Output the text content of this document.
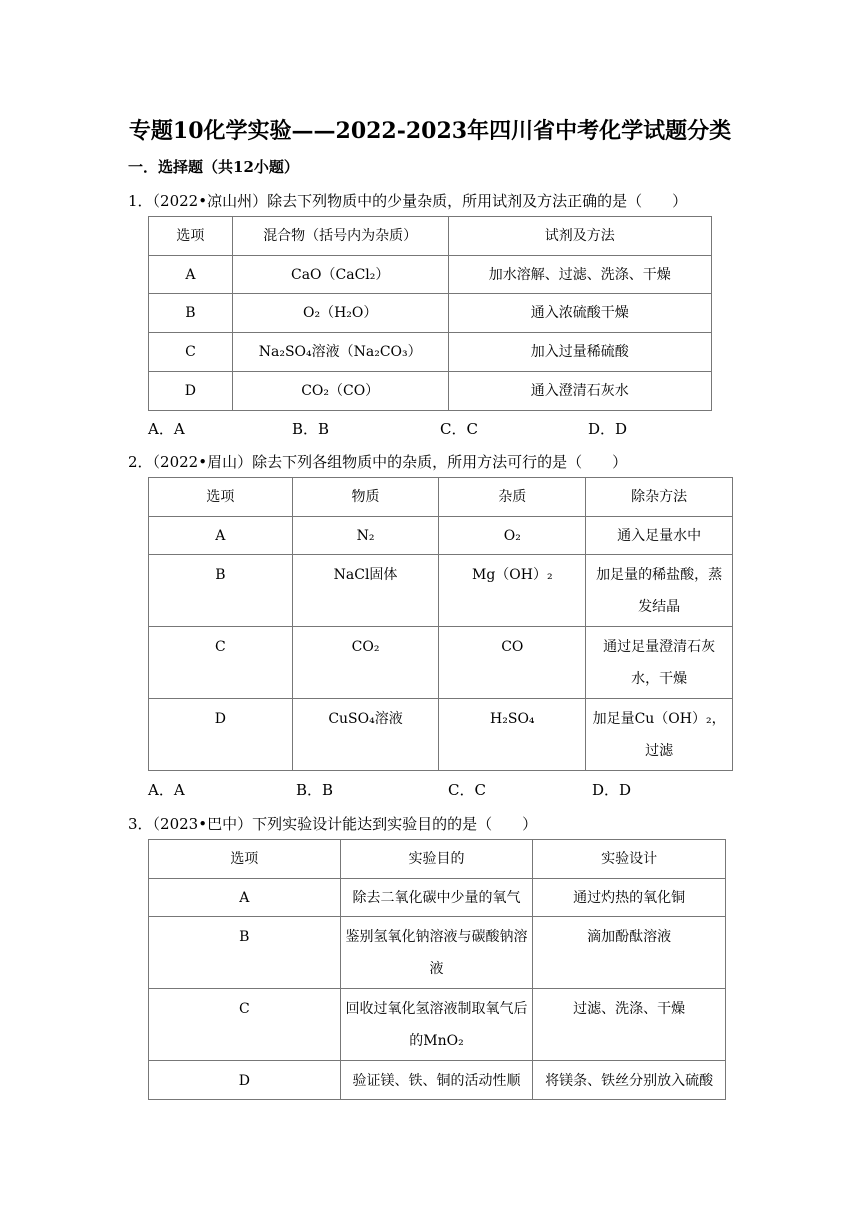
专题10化学实验——2022-2023年四川省中考化学试题分类
一．选择题（共12小题）
1．（2022•凉山州）除去下列物质中的少量杂质，所用试剂及方法正确的是（　　）
选项	混合物（括号内为杂质）	试剂及方法
A	CaO（CaCl₂）	加水溶解、过滤、洗涤、干燥
B	O₂（H₂O）	通入浓硫酸干燥
C	Na₂SO₄溶液（Na₂CO₃）	加入过量稀硫酸
D	CO₂（CO）	通入澄清石灰水
A．A	B．B	C．C	D．D
2．（2022•眉山）除去下列各组物质中的杂质，所用方法可行的是（　　）
选项	物质	杂质	除杂方法
A	N₂	O₂	通入足量水中
B	NaCl固体	Mg（OH）₂	加足量的稀盐酸，蒸发结晶
C	CO₂	CO	通过足量澄清石灰水，干燥
D	CuSO₄溶液	H₂SO₄	加足量Cu（OH）₂，过滤
A．A	B．B	C．C	D．D
3．（2023•巴中）下列实验设计能达到实验目的的是（　　）
选项	实验目的	实验设计
A	除去二氧化碳中少量的氧气	通过灼热的氧化铜
B	鉴别氢氧化钠溶液与碳酸钠溶液	滴加酚酞溶液
C	回收过氧化氢溶液制取氧气后的MnO₂	过滤、洗涤、干燥
D	验证镁、铁、铜的活动性顺	将镁条、铁丝分别放入硫酸
